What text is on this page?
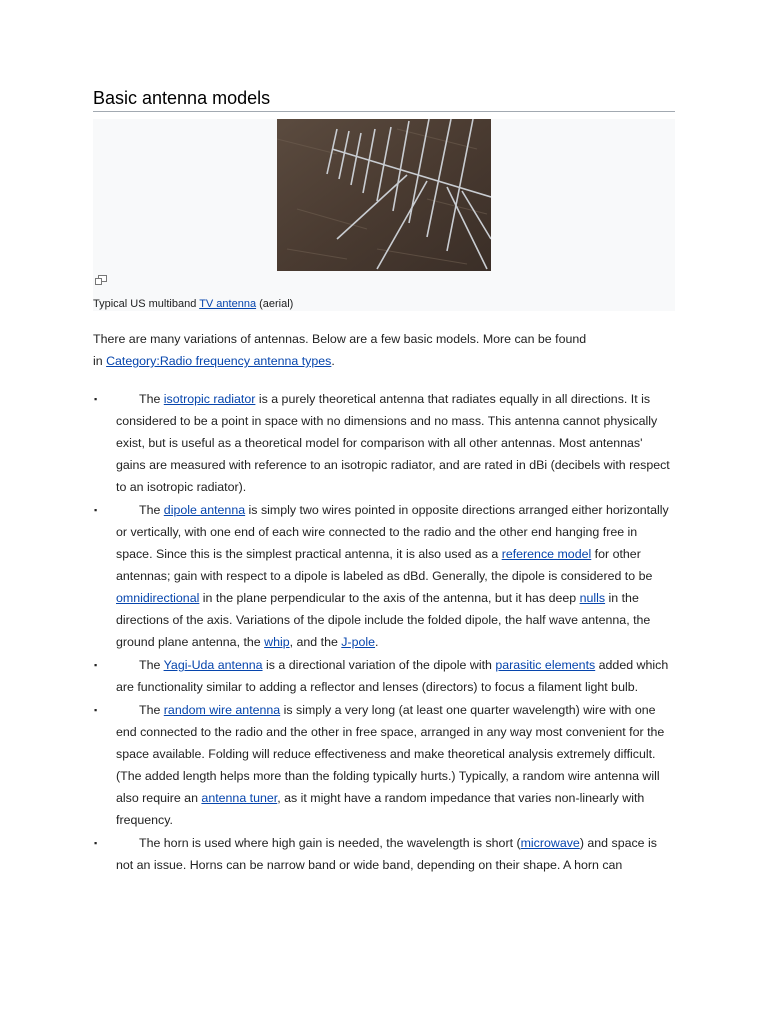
Basic antenna models
Typical US multiband TV antenna (aerial)
There are many variations of antennas. Below are a few basic models. More can be found
in Category:Radio frequency antenna types.
▪	The isotropic radiator is a purely theoretical antenna that radiates equally in all directions. It is considered to be a point in space with no dimensions and no mass. This antenna cannot physically exist, but is useful as a theoretical model for comparison with all other antennas. Most antennas' gains are measured with reference to an isotropic radiator, and are rated in dBi (decibels with respect to an isotropic radiator).
▪	The dipole antenna is simply two wires pointed in opposite directions arranged either horizontally or vertically, with one end of each wire connected to the radio and the other end hanging free in space. Since this is the simplest practical antenna, it is also used as a reference model for other antennas; gain with respect to a dipole is labeled as dBd. Generally, the dipole is considered to be omnidirectional in the plane perpendicular to the axis of the antenna, but it has deep nulls in the directions of the axis. Variations of the dipole include the folded dipole, the half wave antenna, the ground plane antenna, the whip, and the J-pole.
▪	The Yagi-Uda antenna is a directional variation of the dipole with parasitic elements added which are functionality similar to adding a reflector and lenses (directors) to focus a filament light bulb.
▪	The random wire antenna is simply a very long (at least one quarter wavelength) wire with one end connected to the radio and the other in free space, arranged in any way most convenient for the space available. Folding will reduce effectiveness and make theoretical analysis extremely difficult. (The added length helps more than the folding typically hurts.) Typically, a random wire antenna will also require an antenna tuner, as it might have a random impedance that varies non-linearly with frequency.
▪	The horn is used where high gain is needed, the wavelength is short (microwave) and space is not an issue. Horns can be narrow band or wide band, depending on their shape. A horn can
